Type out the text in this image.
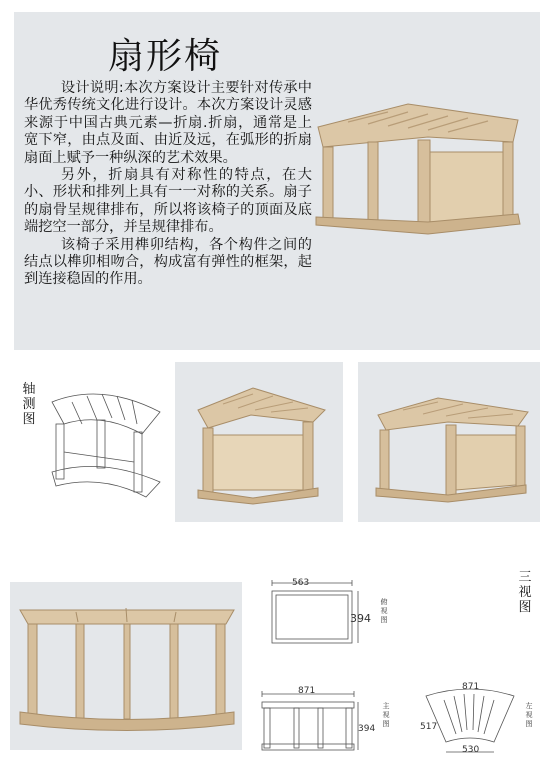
扇形椅

设计说明:本次方案设计主要针对传承中华优秀传统文化进行设计。本次方案设计灵感来源于中国古典元素—折扇.折扇，通常是上宽下窄，由点及面、由近及远，在弧形的折扇扇面上赋予一种纵深的艺术效果。

另外，折扇具有对称性的特点，在大小、形状和排列上具有一一对称的关系。扇子的扇骨呈规律排布，所以将该椅子的顶面及底端挖空一部分，并呈规律排布。

该椅子采用榫卯结构，各个构件之间的结点以榫卯相吻合，构成富有弹性的框架，起到连接稳固的作用。

轴测图
三视图
563
394
俯视图
871
394
主视图
871
517
530
左视图
